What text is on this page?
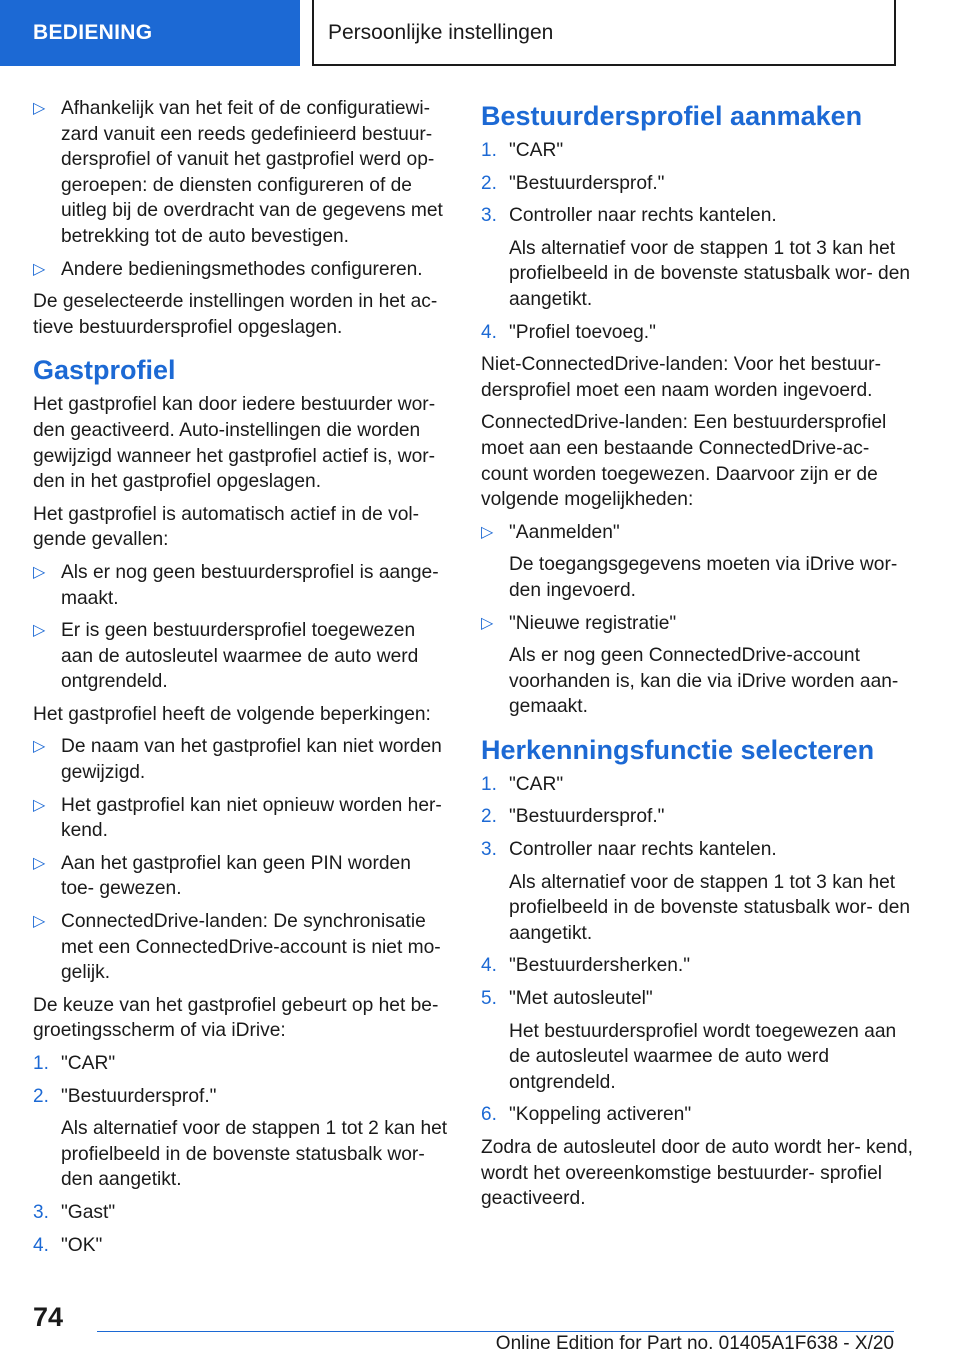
BEDIENING	Persoonlijke instellingen
▷ Afhankelijk van het feit of de configuratiewi- zard vanuit een reeds gedefinieerd bestuur- dersprofiel of vanuit het gastprofiel werd op- geroepen: de diensten configureren of de uitleg bij de overdracht van de gegevens met betrekking tot de auto bevestigen.
▷ Andere bedieningsmethodes configureren.

De geselecteerde instellingen worden in het ac- tieve bestuurdersprofiel opgeslagen.

Gastprofiel

Het gastprofiel kan door iedere bestuurder wor- den geactiveerd. Auto-instellingen die worden gewijzigd wanneer het gastprofiel actief is, wor- den in het gastprofiel opgeslagen.

Het gastprofiel is automatisch actief in de vol- gende gevallen:

▷ Als er nog geen bestuurdersprofiel is aange- maakt.
▷ Er is geen bestuurdersprofiel toegewezen aan de autosleutel waarmee de auto werd ontgrendeld.

Het gastprofiel heeft de volgende beperkingen:

▷ De naam van het gastprofiel kan niet worden gewijzigd.
▷ Het gastprofiel kan niet opnieuw worden her- kend.
▷ Aan het gastprofiel kan geen PIN worden toe- gewezen.
▷ ConnectedDrive-landen: De synchronisatie met een ConnectedDrive-account is niet mo- gelijk.

De keuze van het gastprofiel gebeurt op het be- groetingsscherm of via iDrive:

1. "CAR"
2. "Bestuurdersprof."
Als alternatief voor de stappen 1 tot 2 kan het profielbeeld in de bovenste statusbalk wor- den aangetikt.
3. "Gast"
4. "OK"
Bestuurdersprofiel aanmaken
1. "CAR"
2. "Bestuurdersprof."
3. Controller naar rechts kantelen.
Als alternatief voor de stappen 1 tot 3 kan het profielbeeld in de bovenste statusbalk wor- den aangetikt.
4. "Profiel toevoeg."

Niet-ConnectedDrive-landen: Voor het bestuur- dersprofiel moet een naam worden ingevoerd.

ConnectedDrive-landen: Een bestuurdersprofiel moet aan een bestaande ConnectedDrive-ac- count worden toegewezen. Daarvoor zijn er de volgende mogelijkheden:

▷ "Aanmelden"
De toegangsgegevens moeten via iDrive wor- den ingevoerd.
▷ "Nieuwe registratie"
Als er nog geen ConnectedDrive-account voorhanden is, kan die via iDrive worden aan- gemaakt.
Herkenningsfunctie selecteren
1. "CAR"
2. "Bestuurdersprof."
3. Controller naar rechts kantelen.
Als alternatief voor de stappen 1 tot 3 kan het profielbeeld in de bovenste statusbalk wor- den aangetikt.
4. "Bestuurdersherken."
5. "Met autosleutel"
Het bestuurdersprofiel wordt toegewezen aan de autosleutel waarmee de auto werd ontgrendeld.
6. "Koppeling activeren"

Zodra de autosleutel door de auto wordt her- kend, wordt het overeenkomstige bestuurder- sprofiel geactiveerd.

74
Online Edition for Part no. 01405A1F638 - X/20
